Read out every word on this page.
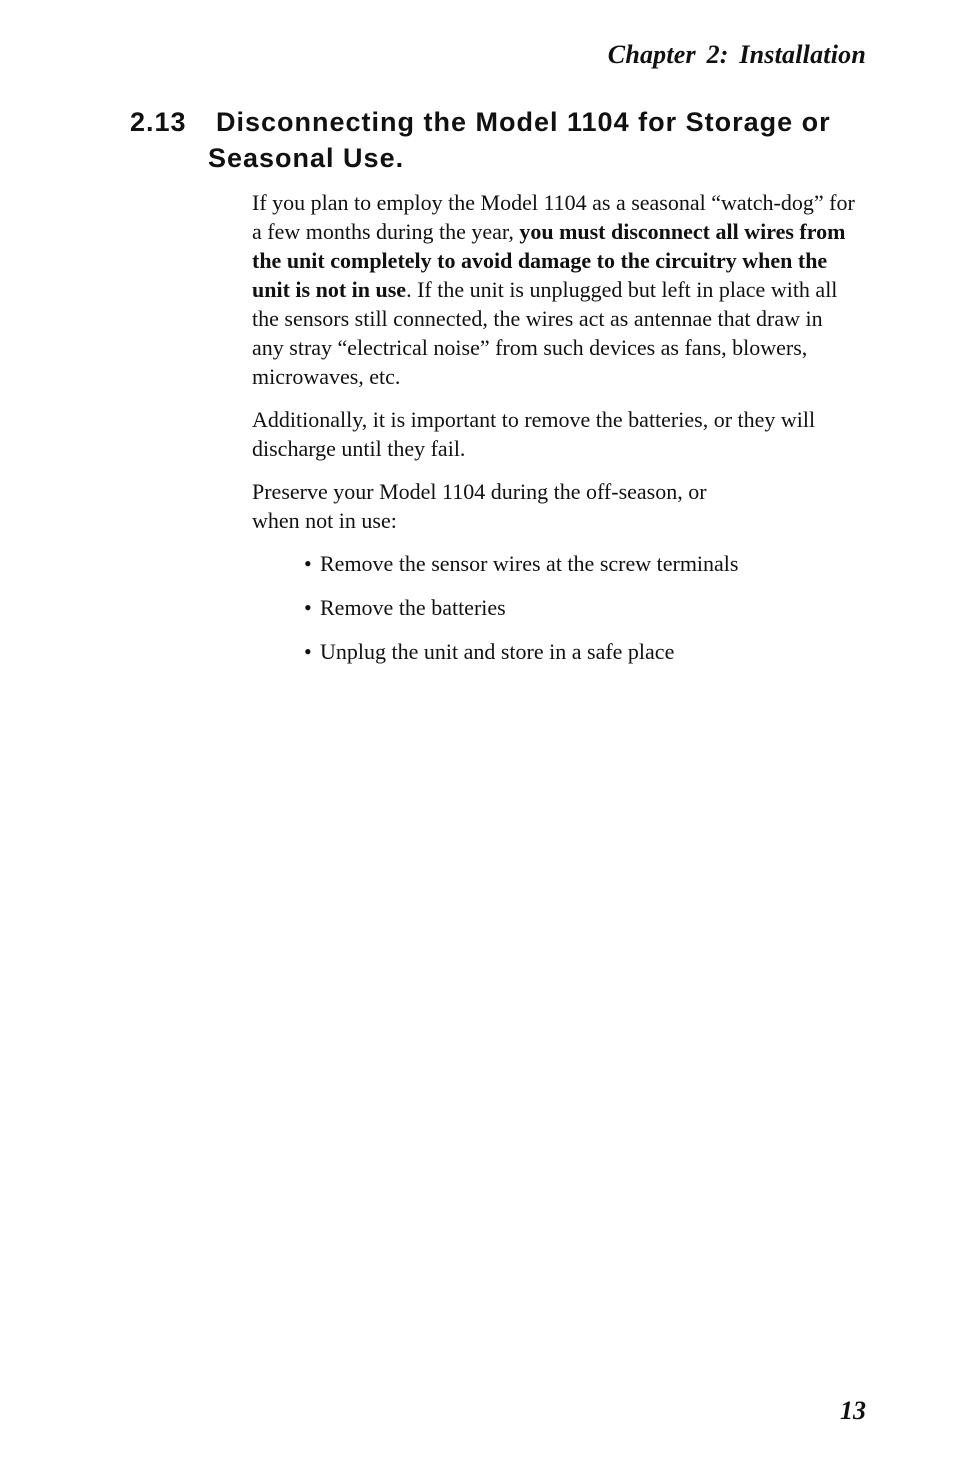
Chapter 2: Installation
2.13 Disconnecting the Model 1104 for Storage or
Seasonal Use.

If you plan to employ the Model 1104 as a seasonal “watch-dog” for a few months during the year, you must disconnect all wires from the unit completely to avoid damage to the circuitry when the unit is not in use. If the unit is unplugged but left in place with all the sensors still connected, the wires act as antennae that draw in any stray “electrical noise” from such devices as fans, blowers, microwaves, etc.

Additionally, it is important to remove the batteries, or they will discharge until they fail.

Preserve your Model 1104 during the off-season, or
when not in use:

• Remove the sensor wires at the screw terminals
• Remove the batteries
• Unplug the unit and store in a safe place
13
